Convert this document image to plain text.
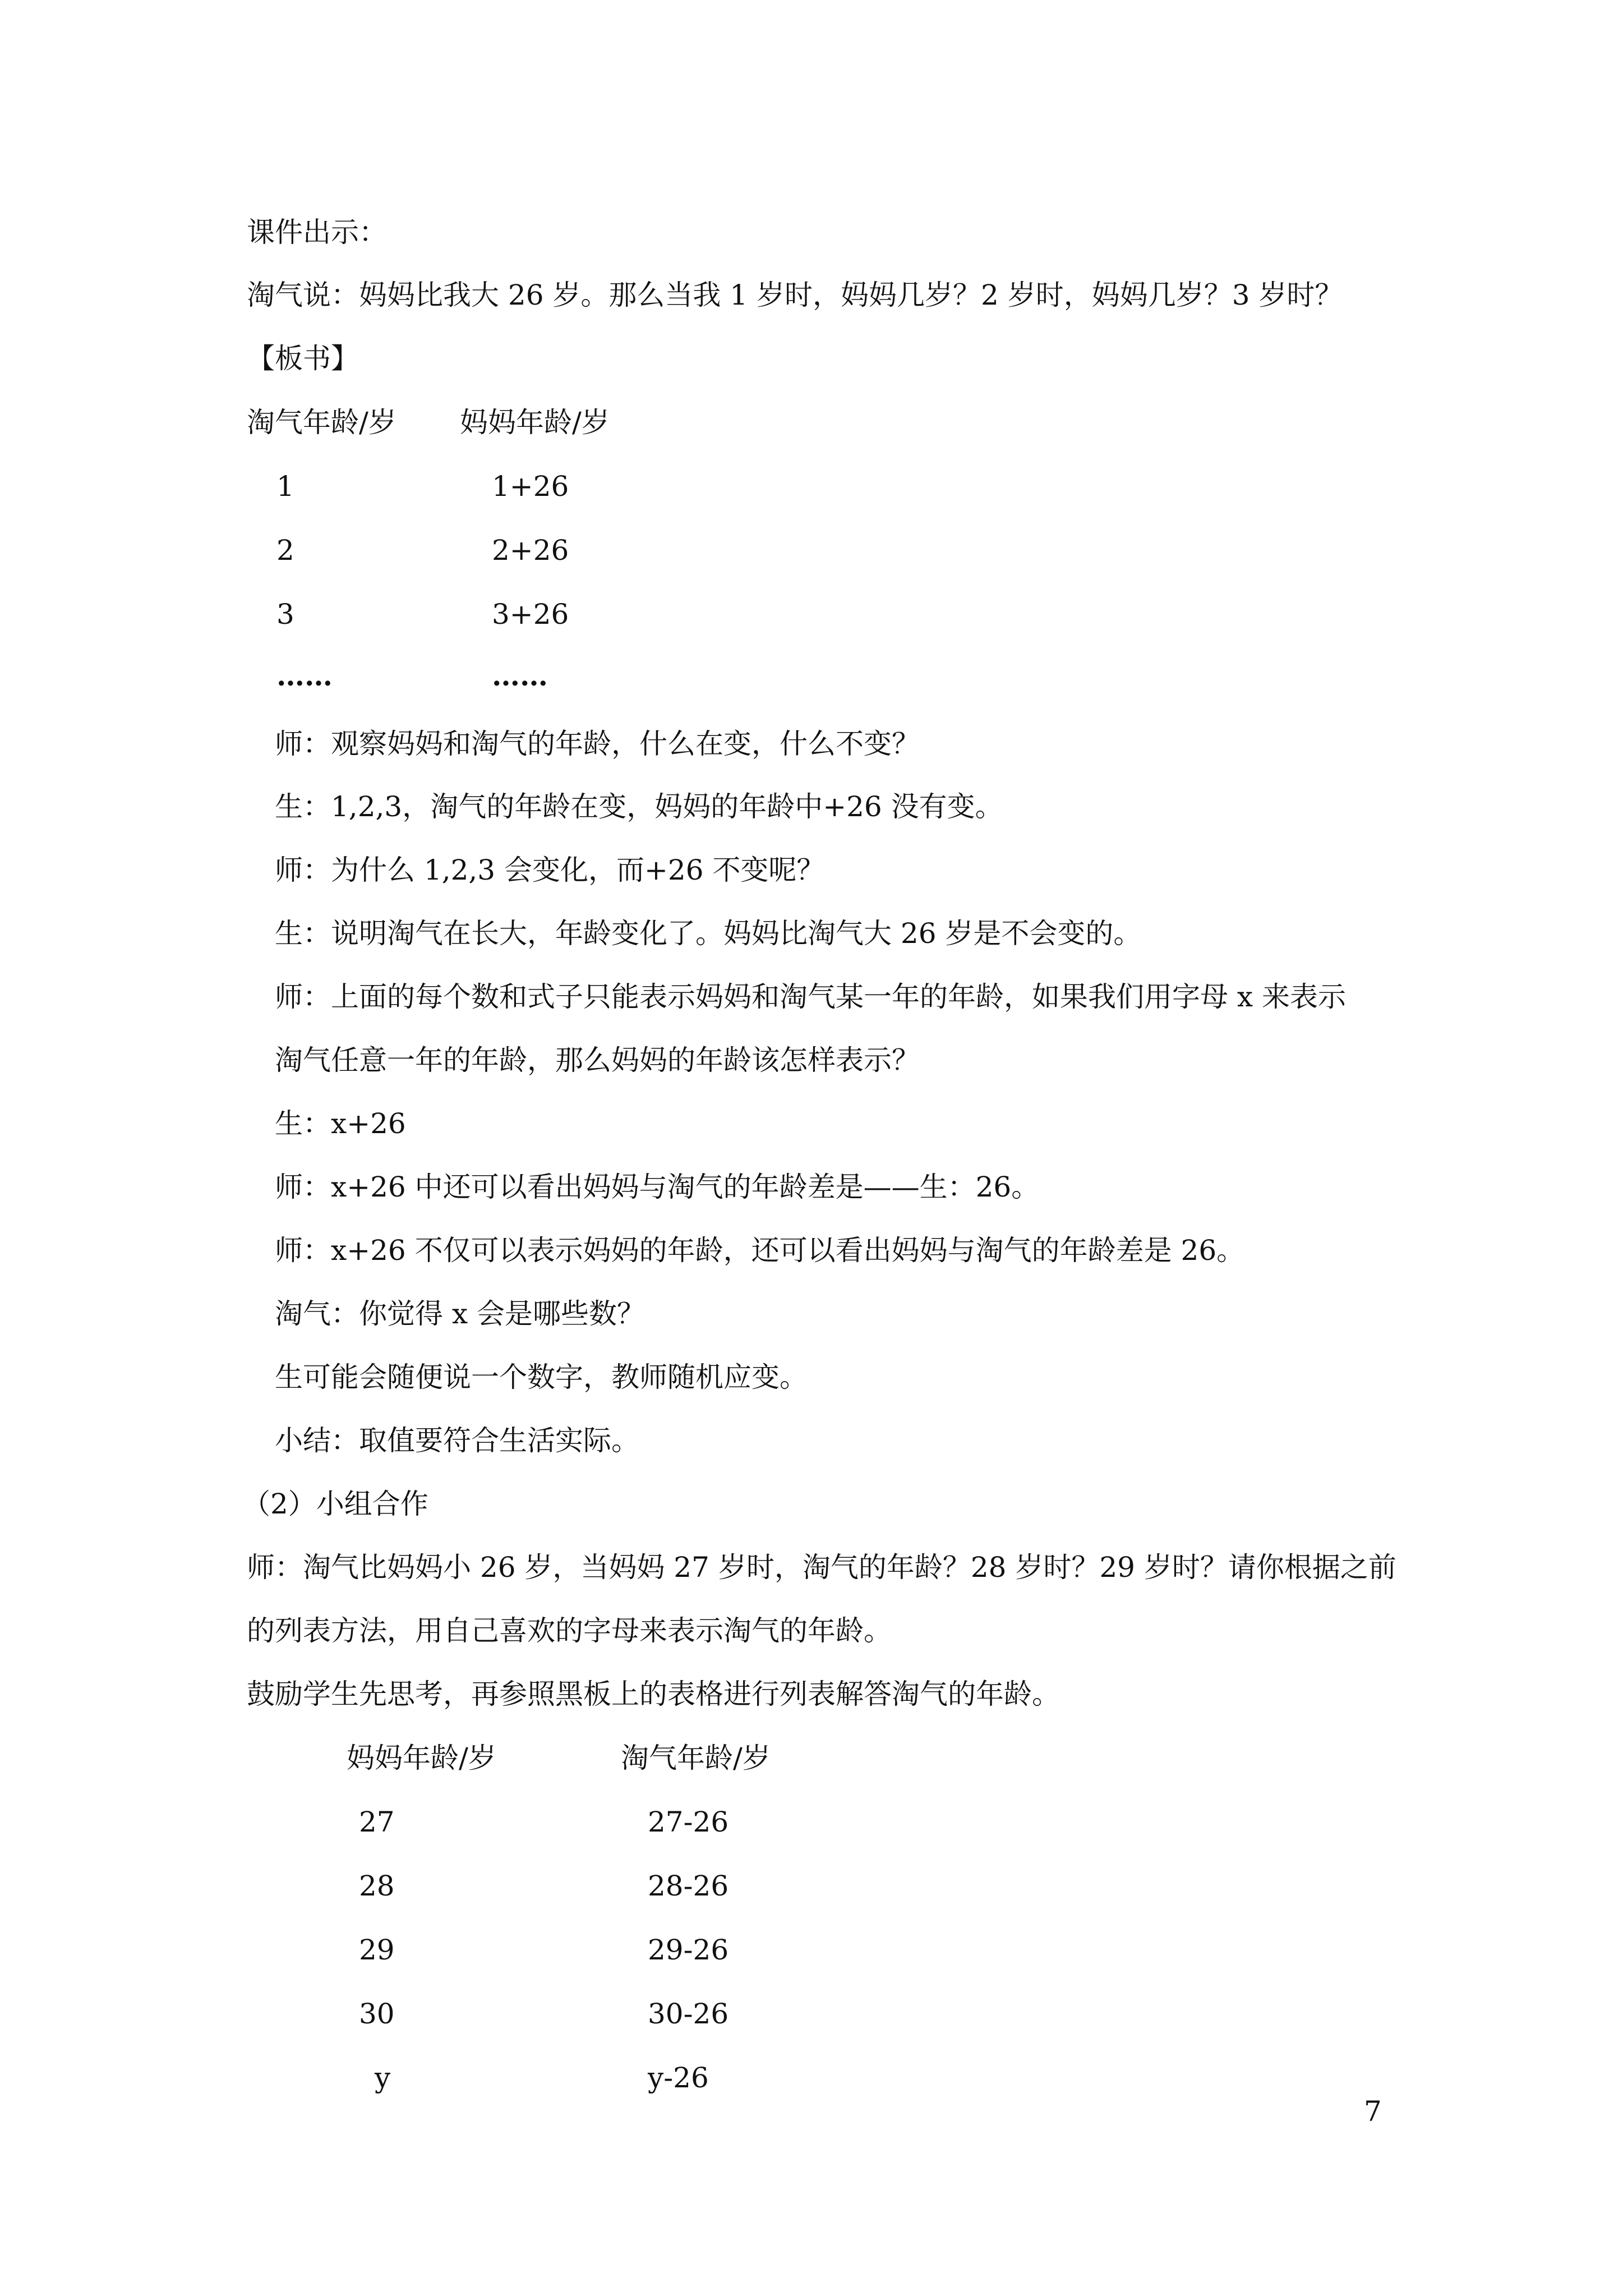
课件出示：
淘气说：妈妈比我大 26 岁。那么当我 1 岁时，妈妈几岁？2 岁时，妈妈几岁？3 岁时？
【板书】
淘气年龄/岁 妈妈年龄/岁
1	1+26
2	2+26
3	3+26
……	……
师：观察妈妈和淘气的年龄，什么在变，什么不变？
生：1,2,3，淘气的年龄在变，妈妈的年龄中+26 没有变。
师：为什么 1,2,3 会变化，而+26 不变呢？
生：说明淘气在长大，年龄变化了。妈妈比淘气大 26 岁是不会变的。
师：上面的每个数和式子只能表示妈妈和淘气某一年的年龄，如果我们用字母 x 来表示
淘气任意一年的年龄，那么妈妈的年龄该怎样表示？
生：x+26
师：x+26 中还可以看出妈妈与淘气的年龄差是——生：26。
师：x+26 不仅可以表示妈妈的年龄，还可以看出妈妈与淘气的年龄差是 26。
淘气：你觉得 x 会是哪些数？
生可能会随便说一个数字，教师随机应变。
小结：取值要符合生活实际。
（2）小组合作
师：淘气比妈妈小 26 岁，当妈妈 27 岁时，淘气的年龄？28 岁时？29 岁时？请你根据之前
的列表方法，用自己喜欢的字母来表示淘气的年龄。
鼓励学生先思考，再参照黑板上的表格进行列表解答淘气的年龄。
妈妈年龄/岁	淘气年龄/岁
27	27-26
28	28-26
29	29-26
30	30-26
y	y-26
7
